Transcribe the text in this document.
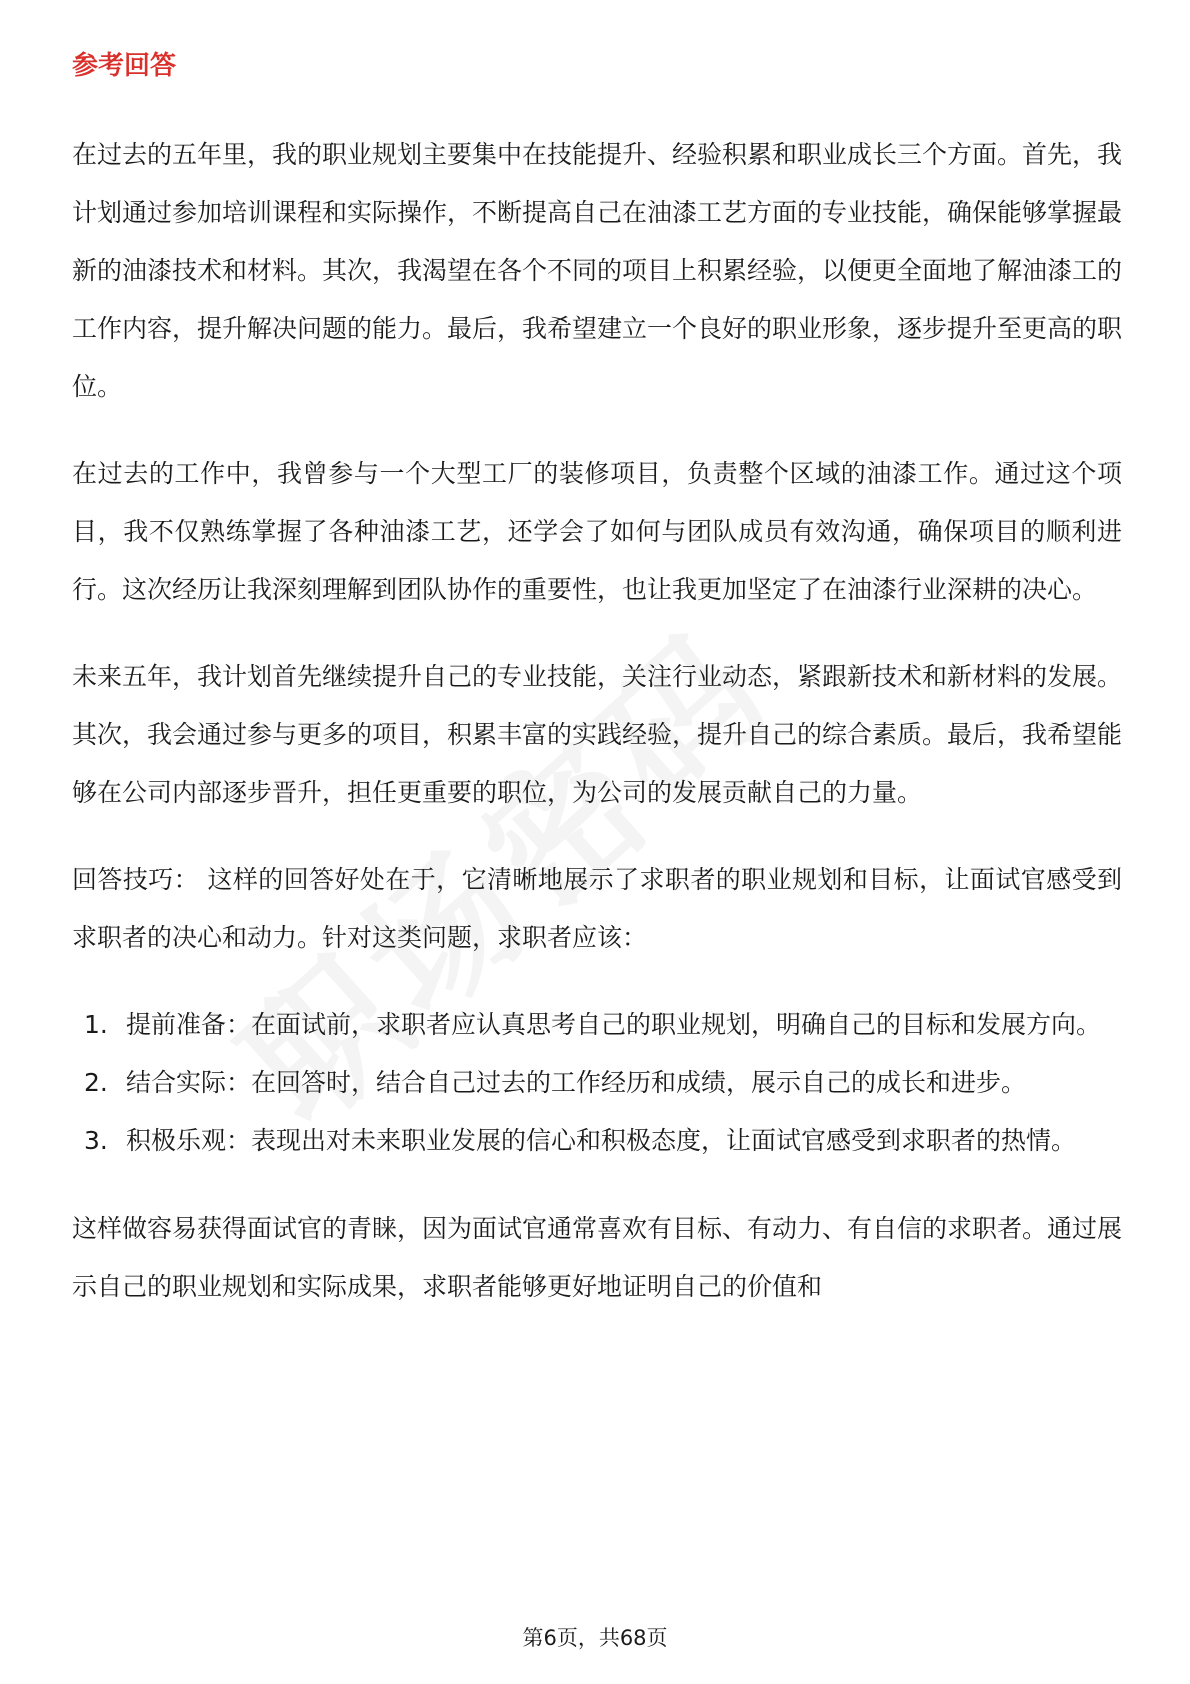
参考回答

在过去的五年里，我的职业规划主要集中在技能提升、经验积累和职业成长三个方面。首先，我计划通过参加培训课程和实际操作，不断提高自己在油漆工艺方面的专业技能，确保能够掌握最新的油漆技术和材料。其次，我渴望在各个不同的项目上积累经验，以便更全面地了解油漆工的工作内容，提升解决问题的能力。最后，我希望建立一个良好的职业形象，逐步提升至更高的职位。

在过去的工作中，我曾参与一个大型工厂的装修项目，负责整个区域的油漆工作。通过这个项目，我不仅熟练掌握了各种油漆工艺，还学会了如何与团队成员有效沟通，确保项目的顺利进行。这次经历让我深刻理解到团队协作的重要性，也让我更加坚定了在油漆行业深耕的决心。

未来五年，我计划首先继续提升自己的专业技能，关注行业动态，紧跟新技术和新材料的发展。其次，我会通过参与更多的项目，积累丰富的实践经验，提升自己的综合素质。最后，我希望能够在公司内部逐步晋升，担任更重要的职位，为公司的发展贡献自己的力量。

回答技巧： 这样的回答好处在于，它清晰地展示了求职者的职业规划和目标，让面试官感受到求职者的决心和动力。针对这类问题，求职者应该：

1. 提前准备：在面试前，求职者应认真思考自己的职业规划，明确自己的目标和发展方向。
2. 结合实际：在回答时，结合自己过去的工作经历和成绩，展示自己的成长和进步。
3. 积极乐观：表现出对未来职业发展的信心和积极态度，让面试官感受到求职者的热情。

这样做容易获得面试官的青睐，因为面试官通常喜欢有目标、有动力、有自信的求职者。通过展示自己的职业规划和实际成果，求职者能够更好地证明自己的价值和

第6页，共68页
